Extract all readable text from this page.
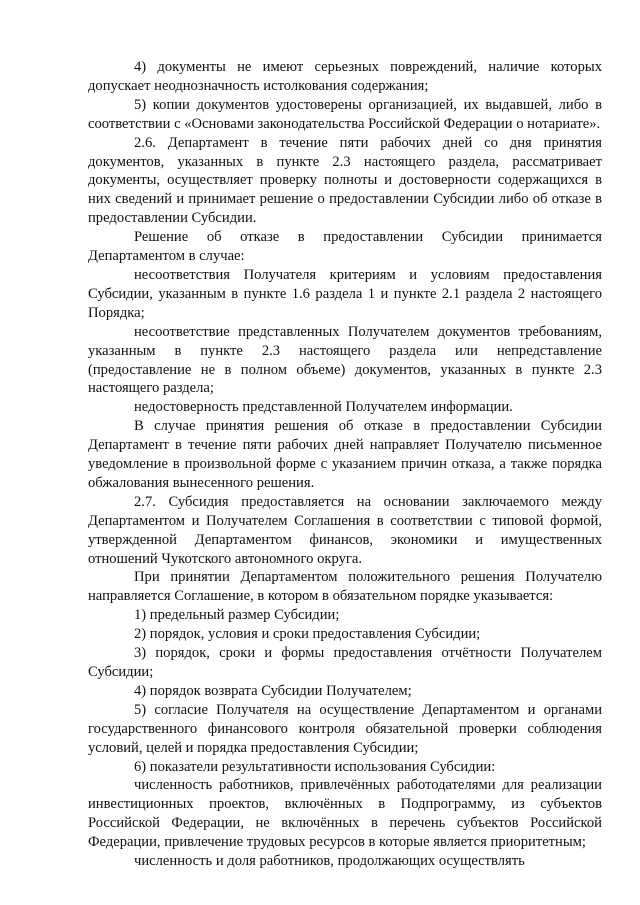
4) документы не имеют серьезных повреждений, наличие которых допускает неоднозначность истолкования содержания;

5) копии документов удостоверены организацией, их выдавшей, либо в соответствии с «Основами законодательства Российской Федерации о нотариате».

2.6. Департамент в течение пяти рабочих дней со дня принятия документов, указанных в пункте 2.3 настоящего раздела, рассматривает документы, осуществляет проверку полноты и достоверности содержащихся в них сведений и принимает решение о предоставлении Субсидии либо об отказе в предоставлении Субсидии.

Решение об отказе в предоставлении Субсидии принимается Департаментом в случае:

несоответствия Получателя критериям и условиям предоставления Субсидии, указанным в пункте 1.6 раздела 1 и пункте 2.1 раздела 2 настоящего Порядка;

несоответствие представленных Получателем документов требованиям, указанным в пункте 2.3 настоящего раздела или непредставление (предоставление не в полном объеме) документов, указанных в пункте 2.3 настоящего раздела;

недостоверность представленной Получателем информации.

В случае принятия решения об отказе в предоставлении Субсидии Департамент в течение пяти рабочих дней направляет Получателю письменное уведомление в произвольной форме с указанием причин отказа, а также порядка обжалования вынесенного решения.

2.7. Субсидия предоставляется на основании заключаемого между Департаментом и Получателем Соглашения в соответствии с типовой формой, утвержденной Департаментом финансов, экономики и имущественных отношений Чукотского автономного округа.

При принятии Департаментом положительного решения Получателю направляется Соглашение, в котором в обязательном порядке указывается:

1) предельный размер Субсидии;

2) порядок, условия и сроки предоставления Субсидии;

3) порядок, сроки и формы предоставления отчётности Получателем Субсидии;

4) порядок возврата Субсидии Получателем;

5) согласие Получателя на осуществление Департаментом и органами государственного финансового контроля обязательной проверки соблюдения условий, целей и порядка предоставления Субсидии;

6) показатели результативности использования Субсидии:

численность работников, привлечённых работодателями для реализации инвестиционных проектов, включённых в Подпрограмму, из субъектов Российской Федерации, не включённых в перечень субъектов Российской Федерации, привлечение трудовых ресурсов в которые является приоритетным;

численность и доля работников, продолжающих осуществлять
